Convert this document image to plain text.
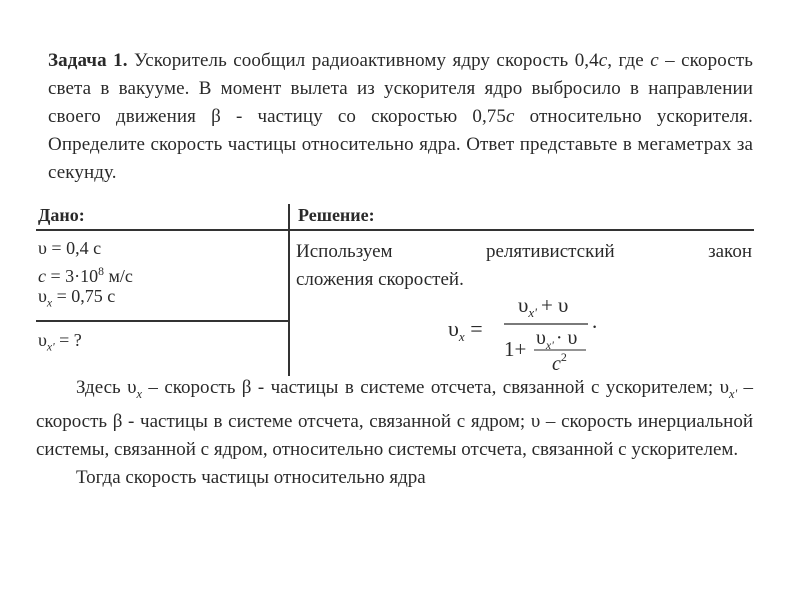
Задача 1. Ускоритель сообщил радиоактивному ядру скорость 0,4c, где c – скорость света в вакууме. В момент вылета из ускорителя ядро выбросило в направлении своего движения β - частицу со скоростью 0,75c относительно ускорителя. Определите скорость частицы относительно ядра. Ответ представьте в мегаметрах за секунду.
Дано:	Решение:
υ = 0,4 c
$c = 3\cdot 10^8$ м/с
$\upsilon_x = 0,75$ c
$\upsilon_{x'}$ = ?
Используем	релятивистский	закон
сложения скоростей.
$\upsilon_x$ =
$\upsilon_{x'} + \upsilon$
$1+ \upsilon_{x'} \cdot \upsilon$
$c^2$
.

Здесь $\upsilon_x$ – скорость β - частицы в системе отсчета, связанной с ускорителем; $\upsilon_{x'}$ – скорость β - частицы в системе отсчета, связанной с ядром; υ – скорость инерциальной системы, связанной с ядром, относительно системы отсчета, связанной с ускорителем.

Тогда скорость частицы относительно ядра
